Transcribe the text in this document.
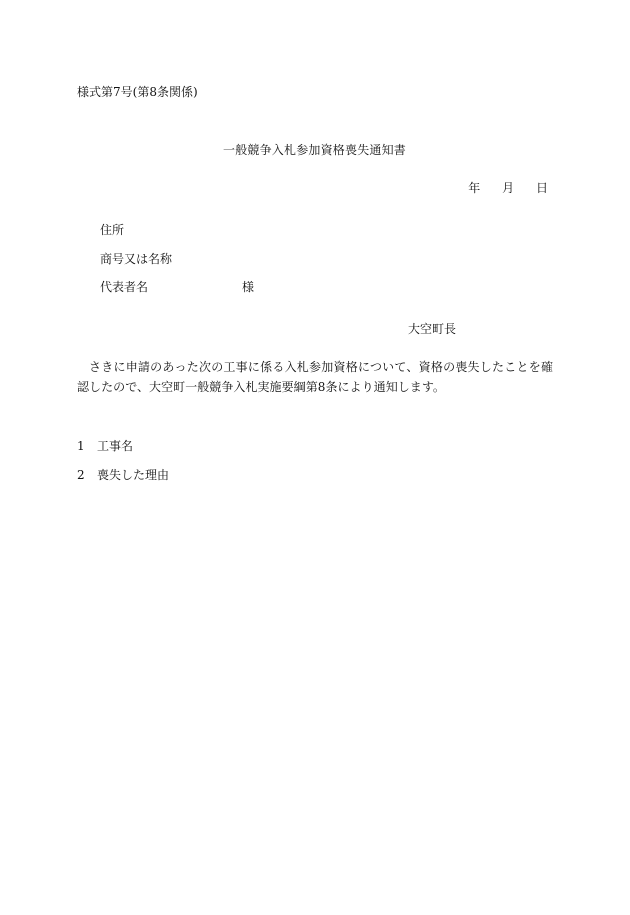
様式第7号(第8条関係)
一般競争入札参加資格喪失通知書
年 月 日
住所
商号又は名称
代表者名	様
大空町長
さきに申請のあった次の工事に係る入札参加資格について、資格の喪失したことを確認したので、大空町一般競争入札実施要綱第8条により通知します。
1 工事名
2 喪失した理由
